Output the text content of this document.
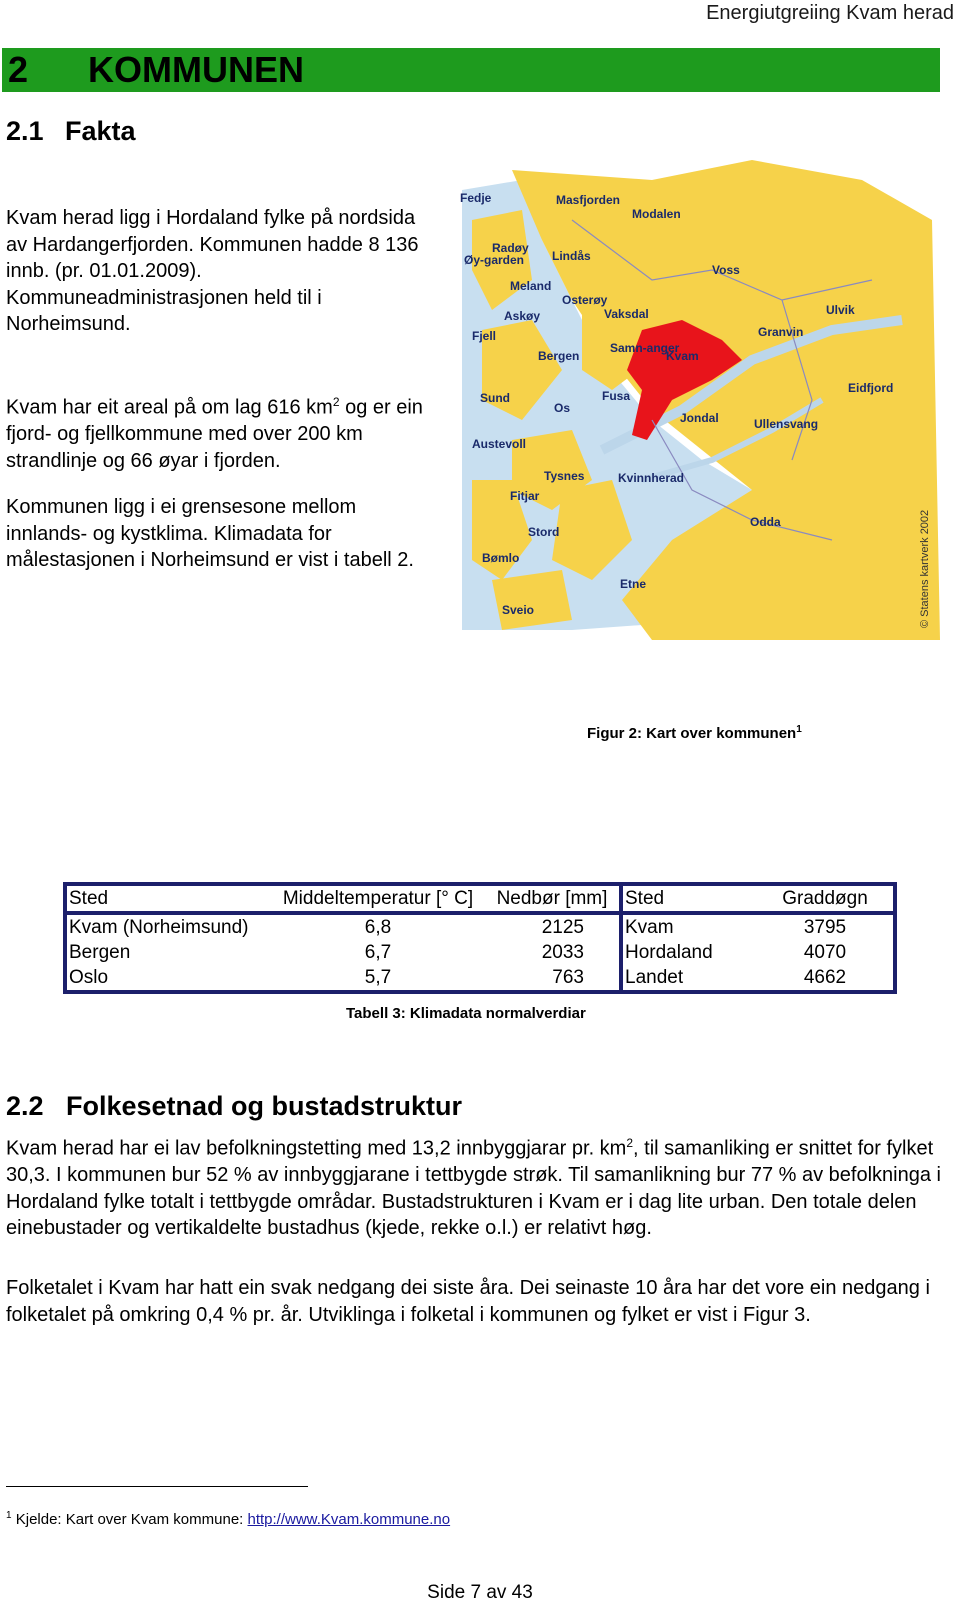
Energiutgreiing Kvam herad
2 KOMMUNEN
2.1 Fakta

Kvam herad ligg i Hordaland fylke på nordsida av Hardangerfjorden. Kommunen hadde 8 136 innb. (pr. 01.01.2009). Kommuneadministrasjonen held til i Norheimsund.

Kvam har eit areal på om lag 616 $km^2$ og er ein fjord- og fjellkommune med over 200 km strandlinje og 66 øyar i fjorden.

Kommunen ligg i ei grensesone mellom innlands- og kystklima. Klimadata for målestasjonen i Norheimsund er vist i tabell 2.

Fedje	Masfjorden
Modalen
Radøy
Lindås
Øy-garden
Meland
Osterøy
Voss
Askøy	Vaksdal
Fjell
Bergen
Samn-anger
Kvam
Granvin
Ulvik
Sund
Os
Fusa
Jondal
Eidfjord
Austevoll
Ullensvang
Tysnes	Kvinnherad
Fitjar
Odda
Stord
Bømlo
Etne
Sveio	© Statens kartverk 2002
Figur 2: Kart over kommunen$^1$
Sted	Middeltemperatur [° C]	Nedbør [mm]	Sted	Graddøgn
Kvam (Norheimsund)	6,8	2125	Kvam	3795
Bergen	6,7	2033	Hordaland	4070
Oslo	5,7	763	Landet	4662
Tabell 3: Klimadata normalverdiar
2.2 Folkesetnad og bustadstruktur

Kvam herad har ei lav befolkningstetting med 13,2 innbyggjarar pr. $km^2$, til samanliking er snittet for fylket 30,3. I kommunen bur 52 % av innbyggjarane i tettbygde strøk. Til samanlikning bur 77 % av befolkninga i Hordaland fylke totalt i tettbygde områdar. Bustadstrukturen i Kvam er i dag lite urban. Den totale delen einebustader og vertikaldelte bustadhus (kjede, rekke o.l.) er relativt høg.

Folketalet i Kvam har hatt ein svak nedgang dei siste åra. Dei seinaste 10 åra har det vore ein nedgang i folketalet på omkring 0,4 % pr. år. Utviklinga i folketal i kommunen og fylket er vist i Figur 3.

$^1$ Kjelde: Kart over Kvam kommune: http://www.Kvam.kommune.no
Side 7 av 43
